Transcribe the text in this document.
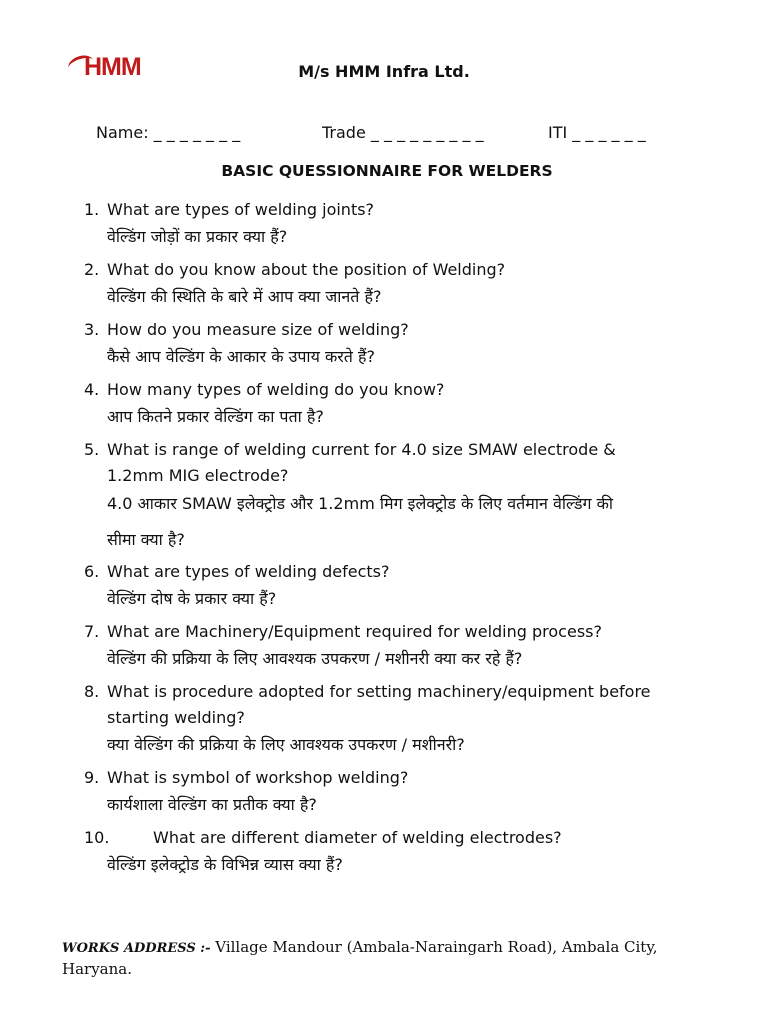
HMM	M/s HMM Infra Ltd.

Name: _ _ _ _ _ _ _

	Trade _ _ _ _ _ _ _ _ _

	ITI _ _ _ _ _ _

BASIC QUESSIONNAIRE FOR WELDERS
1. What are types of welding joints?
वेल्डिंग जोड़ों का प्रकार क्या हैं?
2. What do you know about the position of Welding?
वेल्डिंग की स्थिति के बारे में आप क्या जानते हैं?
3. How do you measure size of welding?
कैसे आप वेल्डिंग के आकार के उपाय करते हैं?
4. How many types of welding do you know?
आप कितने प्रकार वेल्डिंग का पता है?
5. What is range of welding current for 4.0 size SMAW electrode &
1.2mm MIG electrode?
4.0 आकार SMAW इलेक्ट्रोड और 1.2mm मिग इलेक्ट्रोड के लिए वर्तमान वेल्डिंग की
सीमा क्या है?
6. What are types of welding defects?
वेल्डिंग दोष के प्रकार क्या हैं?
7. What are Machinery/Equipment required for welding process?
वेल्डिंग की प्रक्रिया के लिए आवश्यक उपकरण / मशीनरी क्या कर रहे हैं?
8. What is procedure adopted for setting machinery/equipment before
starting welding?
क्या वेल्डिंग की प्रक्रिया के लिए आवश्यक उपकरण / मशीनरी?
9. What is symbol of workshop welding?
कार्यशाला वेल्डिंग का प्रतीक क्या है?
10.	What are different diameter of welding electrodes?
वेल्डिंग इलेक्ट्रोड के विभिन्न व्यास क्या हैं?
WORKS ADDRESS :- Village Mandour (Ambala-Naraingarh Road), Ambala City, Haryana.
